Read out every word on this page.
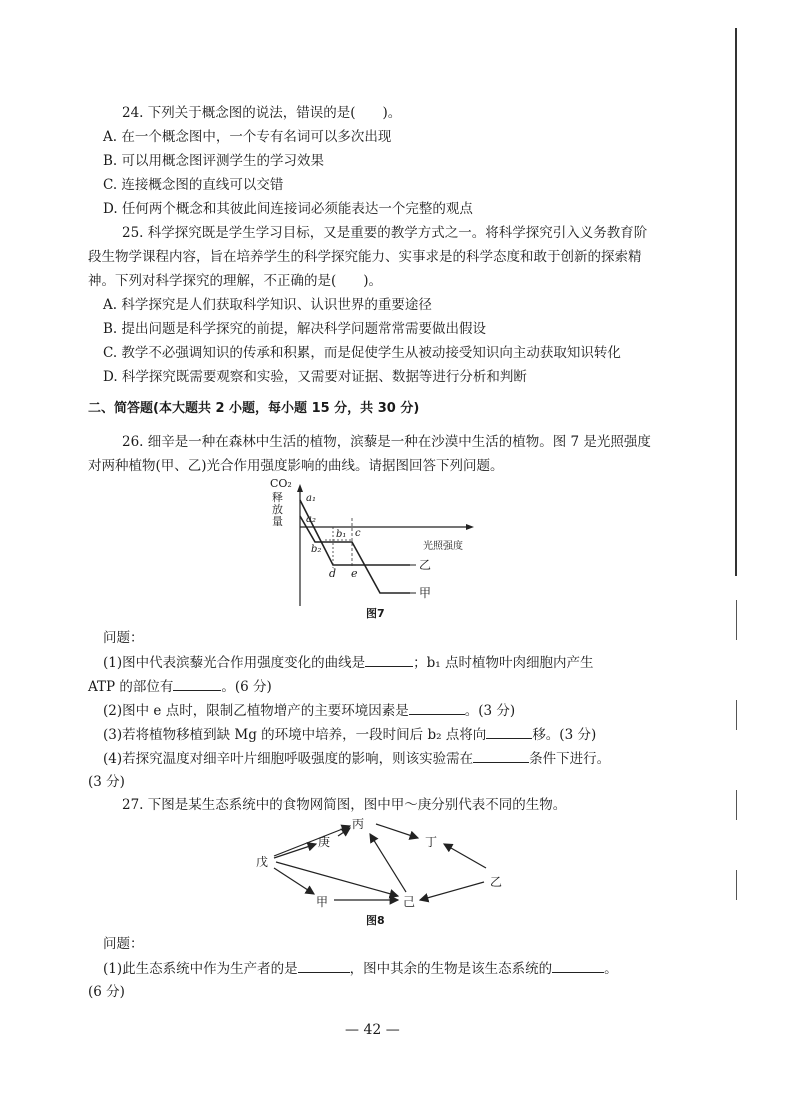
24. 下列关于概念图的说法，错误的是(　　)。
A. 在一个概念图中，一个专有名词可以多次出现
B. 可以用概念图评测学生的学习效果
C. 连接概念图的直线可以交错
D. 任何两个概念和其彼此间连接词必须能表达一个完整的观点
25. 科学探究既是学生学习目标，又是重要的教学方式之一。将科学探究引入义务教育阶
段生物学课程内容，旨在培养学生的科学探究能力、实事求是的科学态度和敢于创新的探索精
神。下列对科学探究的理解，不正确的是(　　)。
A. 科学探究是人们获取科学知识、认识世界的重要途径
B. 提出问题是科学探究的前提，解决科学问题常常需要做出假设
C. 教学不必强调知识的传承和积累，而是促使学生从被动接受知识向主动获取知识转化
D. 科学探究既需要观察和实验，又需要对证据、数据等进行分析和判断
二、简答题(本大题共 2 小题，每小题 15 分，共 30 分)
26. 细辛是一种在森林中生活的植物，滨藜是一种在沙漠中生活的植物。图 7 是光照强度
对两种植物(甲、乙)光合作用强度影响的曲线。请据图回答下列问题。
CO₂
释
放
量
a₁
a₂
b₁
b₂
c
d e
光照强度
乙
甲
图7
问题：
(1)图中代表滨藜光合作用强度变化的曲线是	；b₁ 点时植物叶肉细胞内产生
ATP 的部位有	。(6 分)
(2)图中 e 点时，限制乙植物增产的主要环境因素是	。(3 分)
(3)若将植物移植到缺 Mg 的环境中培养，一段时间后 b₂ 点将向	移。(3 分)
(4)若探究温度对细辛叶片细胞呼吸强度的影响，则该实验需在	条件下进行。
(3 分)
27. 下图是某生态系统中的食物网简图，图中甲～庚分别代表不同的生物。
丙
庚	丁
戊
乙
甲	己
图8
问题：
(1)此生态系统中作为生产者的是	，图中其余的生物是该生态系统的	。
(6 分)
— 42 —
